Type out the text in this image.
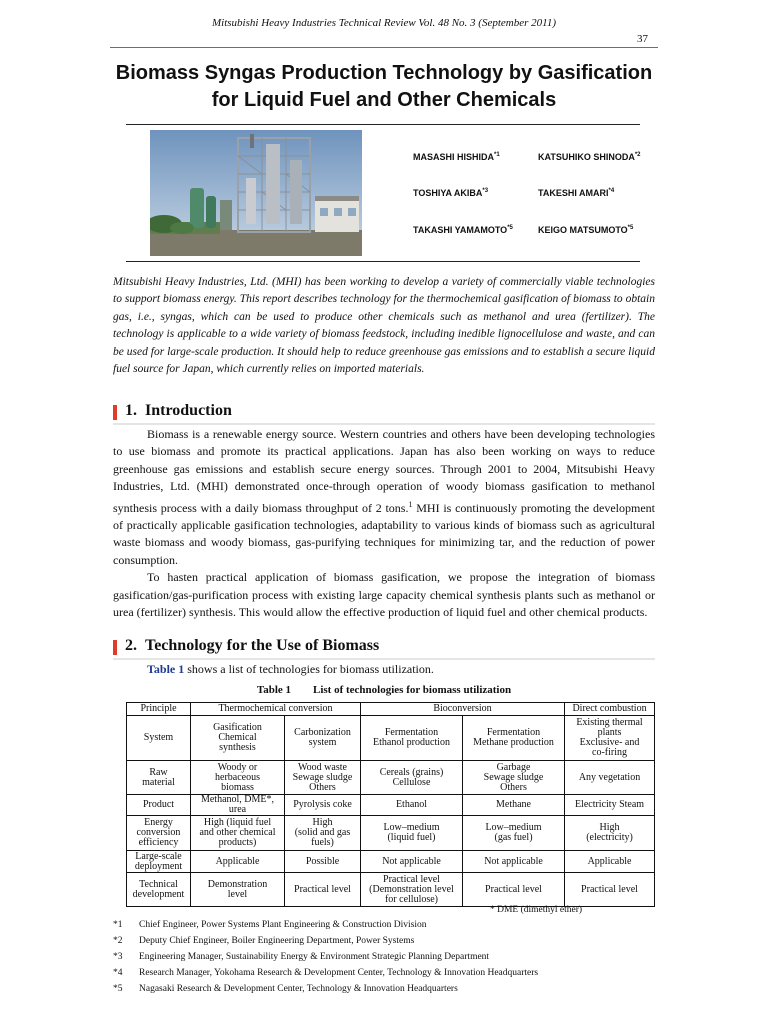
Mitsubishi Heavy Industries Technical Review Vol. 48 No. 3 (September 2011)
37
Biomass Syngas Production Technology by Gasification
for Liquid Fuel and Other Chemicals
MASASHI HISHIDA$^{*1}$	KATSUHIKO SHINODA$^{*2}$
TOSHIYA AKIBA$^{*3}$	TAKESHI AMARI$^{*4}$
TAKASHI YAMAMOTO$^{*5}$	KEIGO MATSUMOTO$^{*5}$
Mitsubishi Heavy Industries, Ltd. (MHI) has been working to develop a variety of commercially viable technologies to support biomass energy. This report describes technology for the thermochemical gasification of biomass to obtain gas, i.e., syngas, which can be used to produce other chemicals such as methanol and urea (fertilizer). The technology is applicable to a wide variety of biomass feedstock, including inedible lignocellulose and waste, and can be used for large-scale production. It should help to reduce greenhouse gas emissions and to establish a secure liquid fuel source for Japan, which currently relies on imported materials.
1. Introduction

Biomass is a renewable energy source. Western countries and others have been developing technologies to use biomass and promote its practical applications. Japan has also been working on ways to reduce greenhouse gas emissions and establish secure energy sources. Through 2001 to 2004, Mitsubishi Heavy Industries, Ltd. (MHI) demonstrated once-through operation of woody biomass gasification to methanol synthesis process with a daily biomass throughput of 2 tons.$^1$ MHI is continuously promoting the development of practically applicable gasification technologies, adaptability to various kinds of biomass such as agricultural waste biomass and woody biomass, gas-purifying techniques for minimizing tar, and the reduction of power consumption.

To hasten practical application of biomass gasification, we propose the integration of biomass gasification/gas-purification process with existing large capacity chemical synthesis plants such as methanol or urea (fertilizer) synthesis. This would allow the effective production of liquid fuel and other chemical products.

2. Technology for the Use of Biomass

Table 1 shows a list of technologies for biomass utilization.

Table 1  List of technologies for biomass utilization
Principle	Thermochemical conversion		Bioconversion		Direct combustion
System	Gasification
Chemical
synthesis	Carbonization
system	Fermentation
Ethanol production	Fermentation
Methane production	Existing thermal
plants
Exclusive- and
co-firing
Raw
material	Woody or
herbaceous
biomass	Wood waste
Sewage sludge
Others	Cereals (grains)
Cellulose	Garbage
Sewage sludge
Others	Any vegetation
Product	Methanol, DME*,
urea	Pyrolysis coke	Ethanol	Methane	Electricity Steam
Energy
conversion
efficiency	High (liquid fuel
and other chemical
products)	High
(solid and gas
fuels)	Low–medium
(liquid fuel)	Low–medium
(gas fuel)	High
(electricity)
Large-scale
deployment	Applicable	Possible	Not applicable	Not applicable	Applicable
Technical
development	Demonstration
level	Practical level	Practical level
(Demonstration level
for cellulose)	Practical level	Practical level
* DME (dimethyl ether)
*1 Chief Engineer, Power Systems Plant Engineering & Construction Division
*2 Deputy Chief Engineer, Boiler Engineering Department, Power Systems
*3 Engineering Manager, Sustainability Energy & Environment Strategic Planning Department
*4 Research Manager, Yokohama Research & Development Center, Technology & Innovation Headquarters
*5 Nagasaki Research & Development Center, Technology & Innovation Headquarters
